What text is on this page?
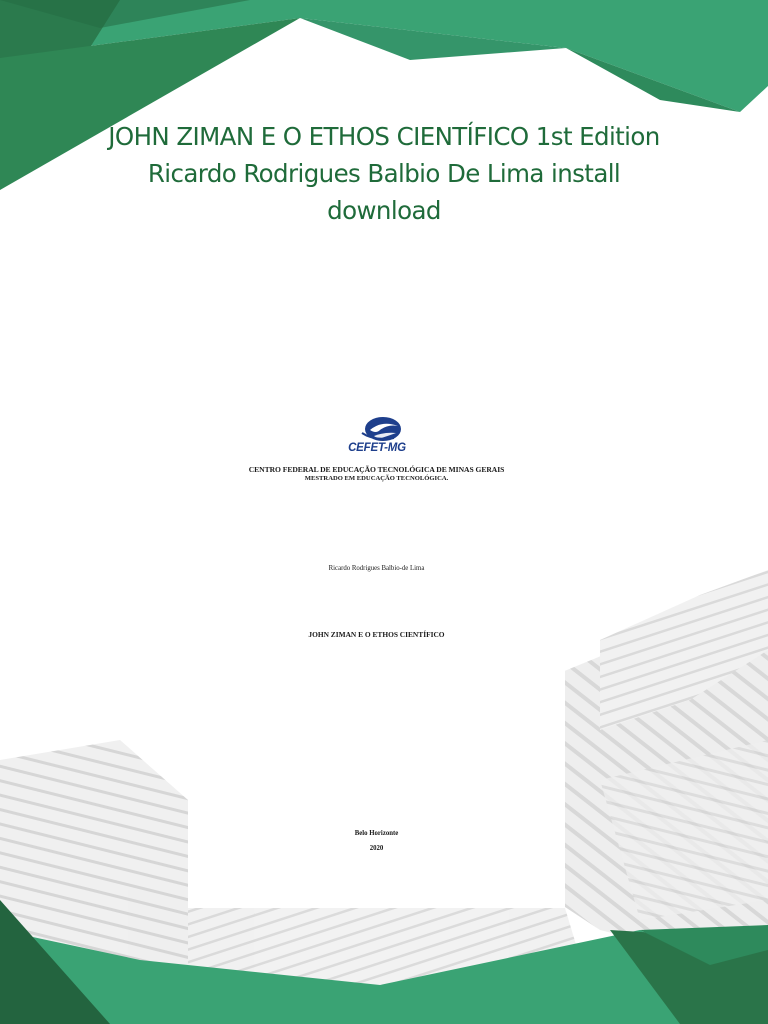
JOHN ZIMAN E O ETHOS CIENTÍFICO 1st Edition
Ricardo Rodrigues Balbio De Lima install
download
CEFET-MG
CENTRO FEDERAL DE EDUCAÇÃO TECNOLÓGICA DE MINAS GERAIS
MESTRADO EM EDUCAÇÃO TECNOLÓGICA.
Ricardo Rodrigues Balbio-de Lima
JOHN ZIMAN E O ETHOS CIENTÍFICO
Belo Horizonte
2020
